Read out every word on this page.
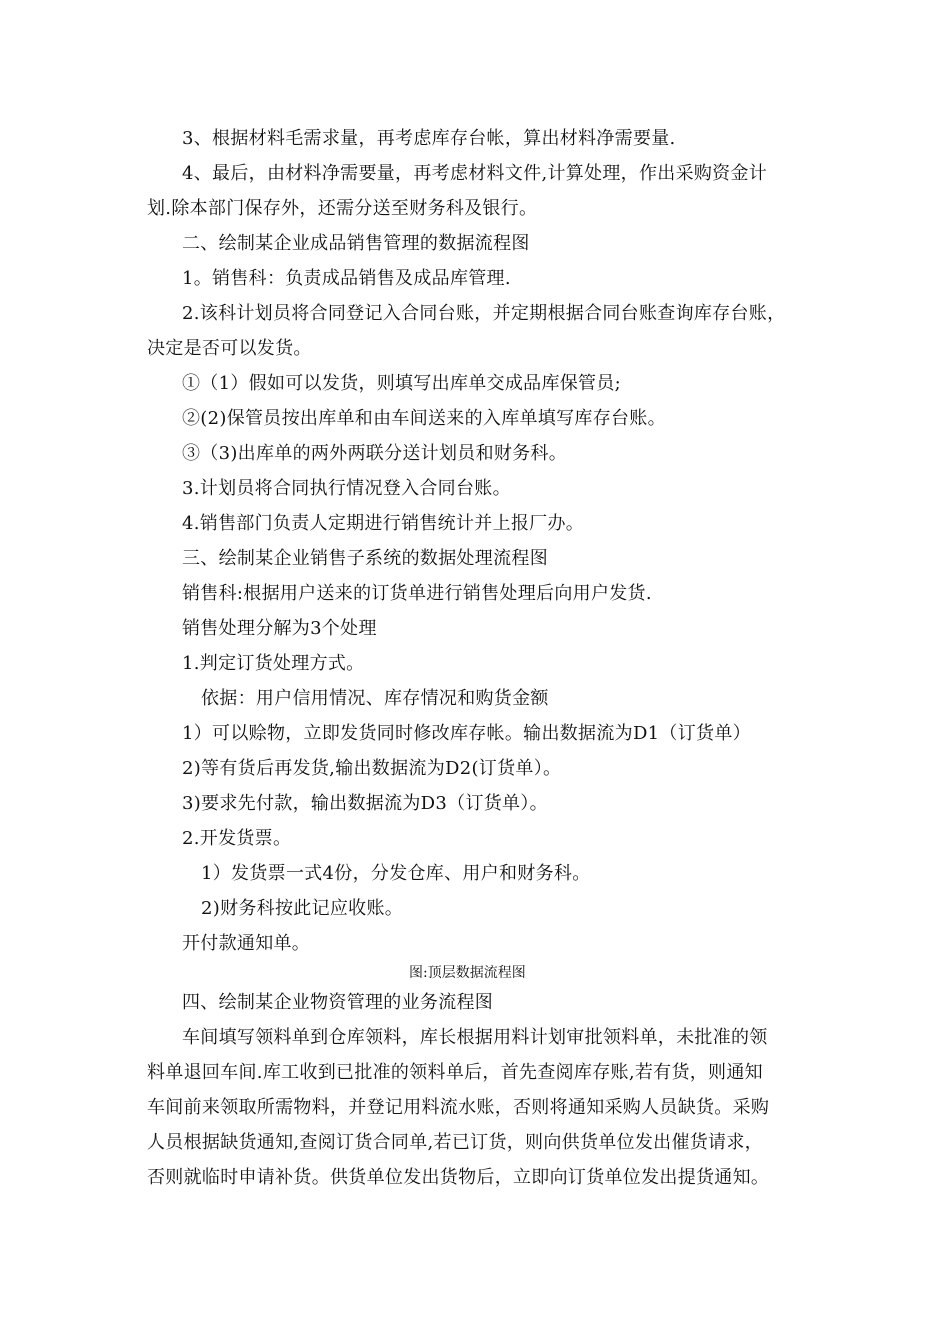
3、根据材料毛需求量，再考虑库存台帐，算出材料净需要量.
4、最后，由材料净需要量，再考虑材料文件,计算处理，作出采购资金计
划.除本部门保存外，还需分送至财务科及银行。
二、绘制某企业成品销售管理的数据流程图
1。销售科：负责成品销售及成品库管理.
2.该科计划员将合同登记入合同台账，并定期根据合同台账查询库存台账，
决定是否可以发货。
①（1）假如可以发货，则填写出库单交成品库保管员;
②(2)保管员按出库单和由车间送来的入库单填写库存台账。
③（3)出库单的两外两联分送计划员和财务科。
3.计划员将合同执行情况登入合同台账。
4.销售部门负责人定期进行销售统计并上报厂办。
三、绘制某企业销售子系统的数据处理流程图
销售科:根据用户送来的订货单进行销售处理后向用户发货.
销售处理分解为3个处理
1.判定订货处理方式。
依据：用户信用情况、库存情况和购货金额
1）可以赊物，立即发货同时修改库存帐。输出数据流为D1（订货单）
2)等有货后再发货,输出数据流为D2(订货单）。
3)要求先付款，输出数据流为D3（订货单）。
2.开发货票。
1）发货票一式4份，分发仓库、用户和财务科。
2)财务科按此记应收账。
开付款通知单。
图:顶层数据流程图
四、绘制某企业物资管理的业务流程图
车间填写领料单到仓库领料，库长根据用料计划审批领料单，未批准的领
料单退回车间.库工收到已批准的领料单后，首先查阅库存账,若有货，则通知
车间前来领取所需物料，并登记用料流水账，否则将通知采购人员缺货。采购
人员根据缺货通知,查阅订货合同单,若已订货，则向供货单位发出催货请求，
否则就临时申请补货。供货单位发出货物后，立即向订货单位发出提货通知。
